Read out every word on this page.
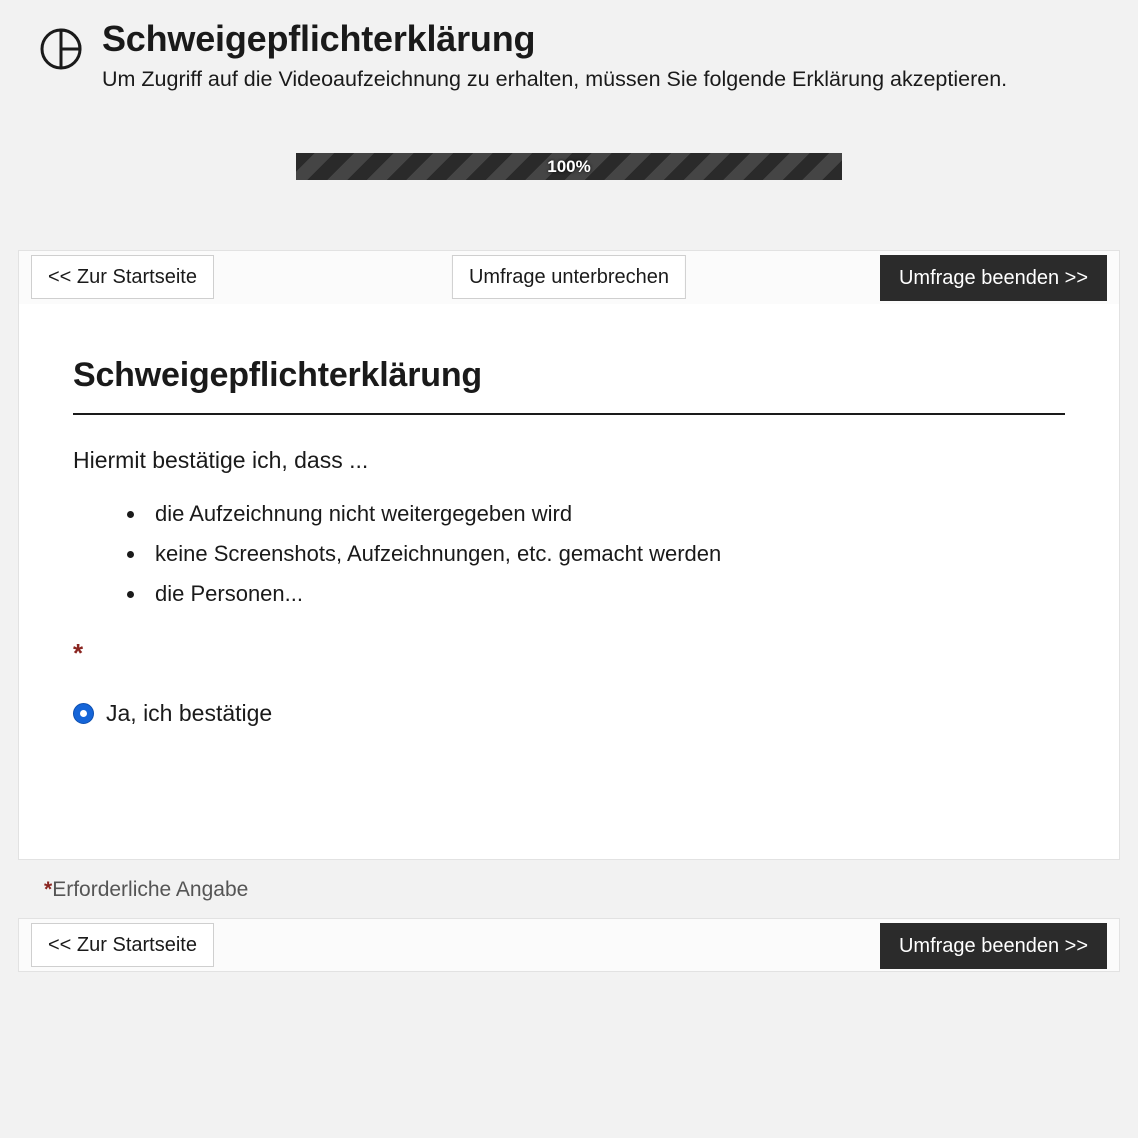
Schweigepflichterklärung

Um Zugriff auf die Videoaufzeichnung zu erhalten, müssen Sie folgende Erklärung akzeptieren.

100%
<< Zur Startseite	Umfrage unterbrechen	Umfrage beenden >>
Schweigepflichterklärung

Hiermit bestätige ich, dass ...

• die Aufzeichnung nicht weitergegeben wird
• keine Screenshots, Aufzeichnungen, etc. gemacht werden
• die Personen...
*
Ja, ich bestätige
*Erforderliche Angabe
<< Zur Startseite	Umfrage beenden >>
